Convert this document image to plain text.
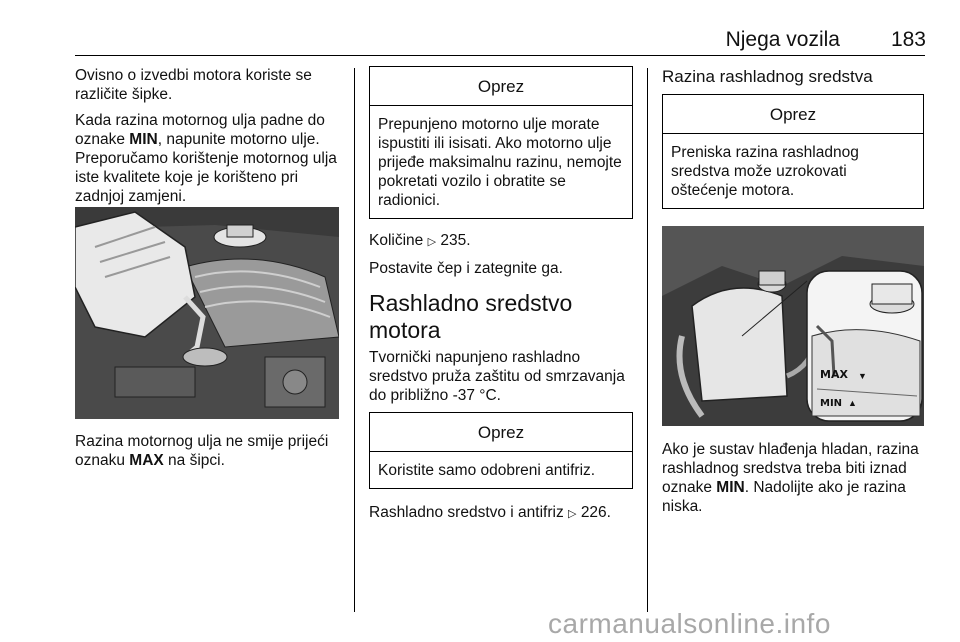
Njega vozila	183

Ovisno o izvedbi motora koriste se različite šipke.

Kada razina motornog ulja padne do oznake MIN, napunite motorno ulje. Preporučamo korištenje motornog ulja iste kvalitete koje je korišteno pri zadnjoj zamjeni.

Razina motornog ulja ne smije prijeći oznaku MAX na šipci.

Oprez
Prepunjeno motorno ulje morate ispustiti ili isisati. Ako motorno ulje prijeđe maksimalnu razinu, nemojte pokretati vozilo i obratite se radionici.

Količine ▷ 235.

Postavite čep i zategnite ga.

Rashladno sredstvo motora

Tvornički napunjeno rashladno sredstvo pruža zaštitu od smrzavanja do približno -37 °C.

Oprez
Koristite samo odobreni antifriz.

Rashladno sredstvo i antifriz ▷ 226.

Razina rashladnog sredstva
Oprez
Preniska razina rashladnog sredstva može uzrokovati oštećenje motora.
MAX ▼
MIN ▲

Ako je sustav hlađenja hladan, razina rashladnog sredstva treba biti iznad oznake MIN. Nadolijte ako je razina niska.

carmanualsonline.info
